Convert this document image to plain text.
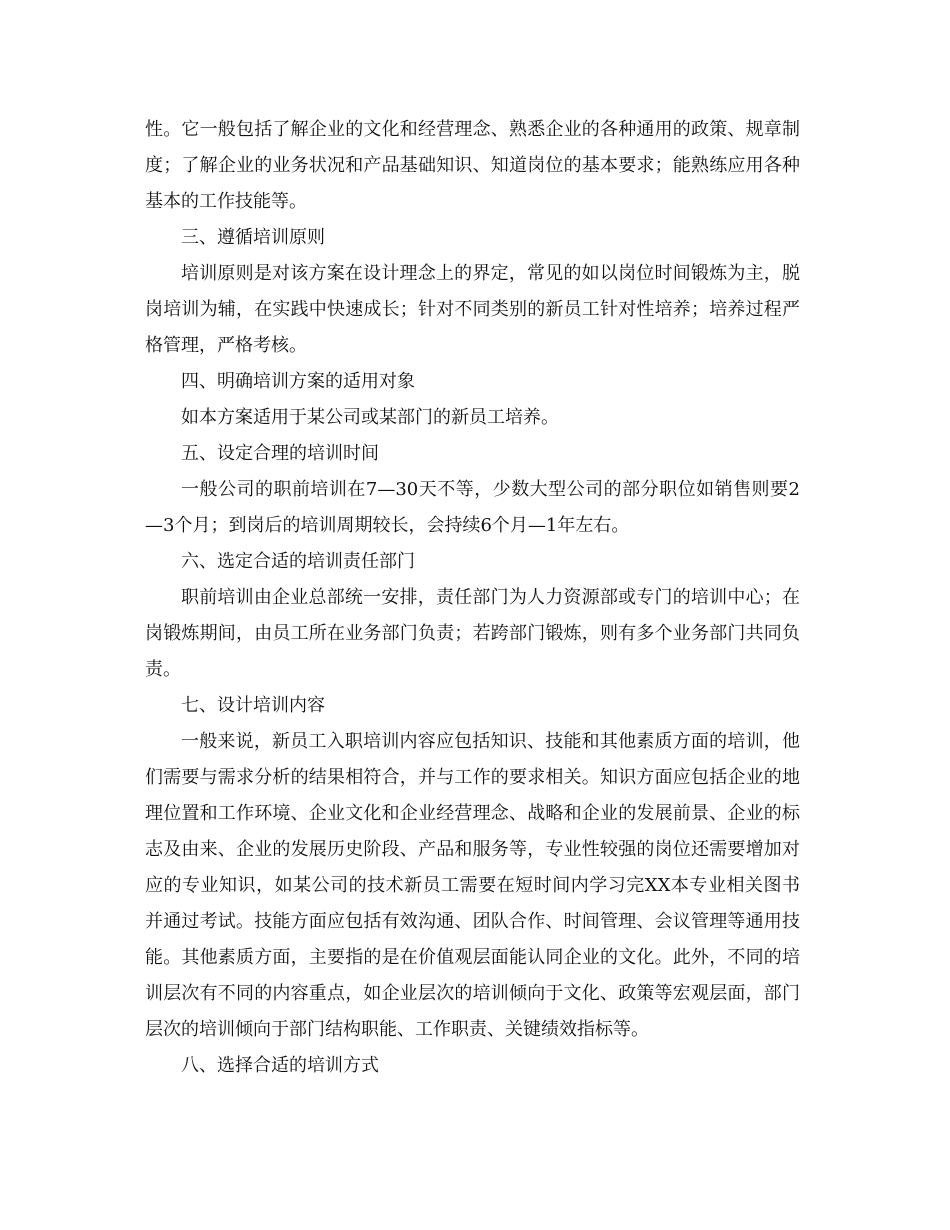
性。它一般包括了解企业的文化和经营理念、熟悉企业的各种通用的政策、规章制度；了解企业的业务状况和产品基础知识、知道岗位的基本要求；能熟练应用各种基本的工作技能等。

三、遵循培训原则

培训原则是对该方案在设计理念上的界定，常见的如以岗位时间锻炼为主，脱岗培训为辅，在实践中快速成长；针对不同类别的新员工针对性培养；培养过程严格管理，严格考核。

四、明确培训方案的适用对象

如本方案适用于某公司或某部门的新员工培养。

五、设定合理的培训时间

一般公司的职前培训在7—30天不等，少数大型公司的部分职位如销售则要2—3个月；到岗后的培训周期较长，会持续6个月—1年左右。

六、选定合适的培训责任部门

职前培训由企业总部统一安排，责任部门为人力资源部或专门的培训中心；在岗锻炼期间，由员工所在业务部门负责；若跨部门锻炼，则有多个业务部门共同负责。

七、设计培训内容

一般来说，新员工入职培训内容应包括知识、技能和其他素质方面的培训，他们需要与需求分析的结果相符合，并与工作的要求相关。知识方面应包括企业的地理位置和工作环境、企业文化和企业经营理念、战略和企业的发展前景、企业的标志及由来、企业的发展历史阶段、产品和服务等，专业性较强的岗位还需要增加对应的专业知识，如某公司的技术新员工需要在短时间内学习完XX本专业相关图书并通过考试。技能方面应包括有效沟通、团队合作、时间管理、会议管理等通用技能。其他素质方面，主要指的是在价值观层面能认同企业的文化。此外，不同的培训层次有不同的内容重点，如企业层次的培训倾向于文化、政策等宏观层面，部门层次的培训倾向于部门结构职能、工作职责、关键绩效指标等。

八、选择合适的培训方式
